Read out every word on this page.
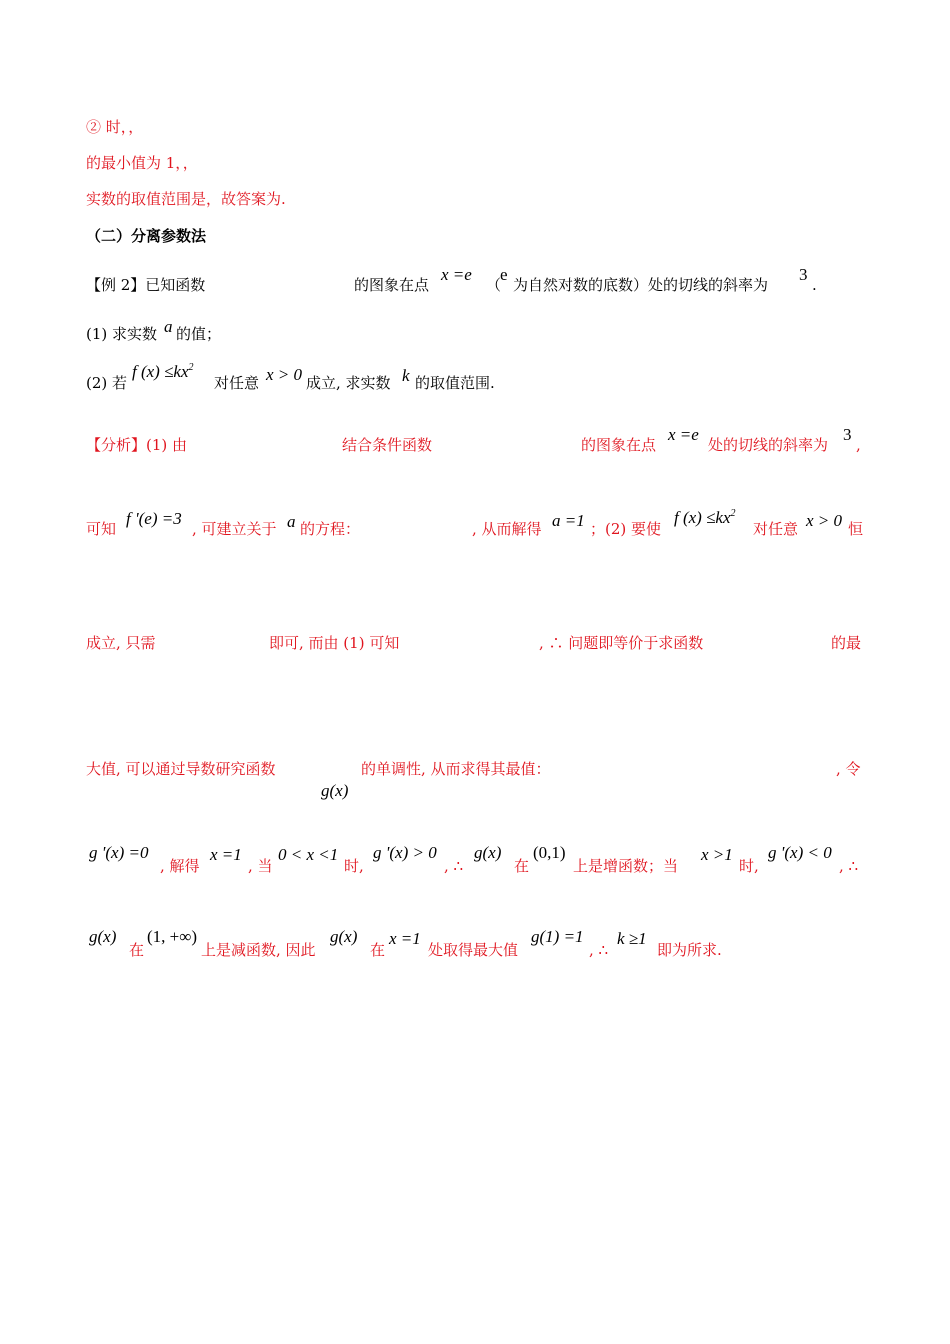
② 时，，
的最小值为 1，，
实数的取值范围是，故答案为.
（二）分离参数法
【例 2】已知函数	的图象在点
x =e
（
e
为自然对数的底数）处的切线的斜率为
3
.
(1) 求实数 a 的值；
(2) 若
f $(x) \le kx^2$
对任意 x > 0 成立, 求实数 k 的取值范围.
【分析】(1) 由	结合条件函数	的图象在点
x =e
处的切线的斜率为
3
,
可知
f '(e) =3
, 可建立关于 a 的方程：	, 从而解得 a =1 ；(2) 要使
f $(x) \le kx^2$
对任意 x > 0 恒
成立, 只需	即可, 而由 (1) 可知	, ∴ 问题即等价于求函数	的最
大值, 可以通过导数研究函数
g(x)
的单调性, 从而求得其最值：	, 令
g '(x) =0
, 解得
x =1
, 当
0 < x <1
时,
g '(x) > 0
, ∴
g(x)
在
(0,1)
上是增函数；当
x >1
时,
g '(x) < 0
, ∴
g(x)
在
(1, +∞)
上是减函数, 因此
g(x)
在
x =1
处取得最大值
g(1) =1
, ∴
k ≥1
即为所求.
